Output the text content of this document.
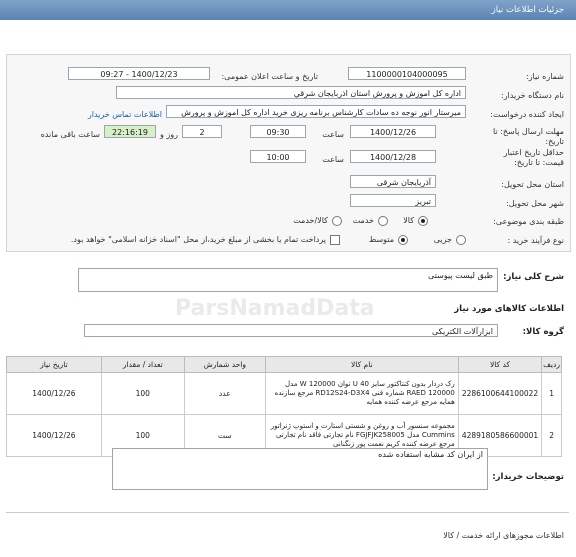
جزئیات اطلاعات نیاز
شماره نیاز:
1100000104000095
تاریخ و ساعت اعلان عمومی:
1400/12/23 - 09:27
نام دستگاه خریدار:
اداره کل اموزش و پرورش استان اذربایجان شرقي
ایجاد کننده درخواست:
میرستار انور نوجه ده سادات کارشناس برنامه ریزی خرید اداره کل اموزش و پرورش
اطلاعات تماس خریدار
مهلت ارسال پاسخ: تا تاریخ:
1400/12/26
ساعت
09:30
2
روز و
22:16:19
ساعت باقی مانده
حداقل تاریخ اعتبار قیمت: تا تاریخ:
1400/12/28
ساعت
10:00
استان محل تحویل:
آذربایجان شرقی
شهر محل تحویل:
تبریز
طبقه بندی موضوعی:
کالا
خدمت
کالا/خدمت
نوع فرآیند خرید :
جزیی
متوسط
پرداخت تمام یا بخشی از مبلغ خرید،از محل "اسناد خزانه اسلامی" خواهد بود.
شرح کلی نیاز:
طبق لیست پیوستی
اطلاعات کالاهای مورد نیاز
گروه کالا:
ابزارآلات الکتریکی
ردیف	کد کالا	نام کالا	واحد شمارش	تعداد / مقدار	تاریخ نیاز
1	2286100644100022	رک دردار بدون کنتاکتور سایز 40 U توان 120000 W مدل RAED 120000 شماره فنی RD12S24-D3X4 مرجع سازنده همایه مرجع عرضه کننده همایه	عدد	100	1400/12/26
2	4289180586600001	مجموعه سنسور آب و روغن و شستی استارت و استوپ ژنراتور Cummins مدل FGJFJK258005 نام تجارتی فاقد نام تجارتی مرجع عرضه کننده کریم نعمت پور زنگنانی	ست	100	1400/12/26
توضیحات خریدار:
از ایران کد مشابه استفاده شده
اطلاعات مجوزهای ارائه خدمت / کالا
ParsNamadData
